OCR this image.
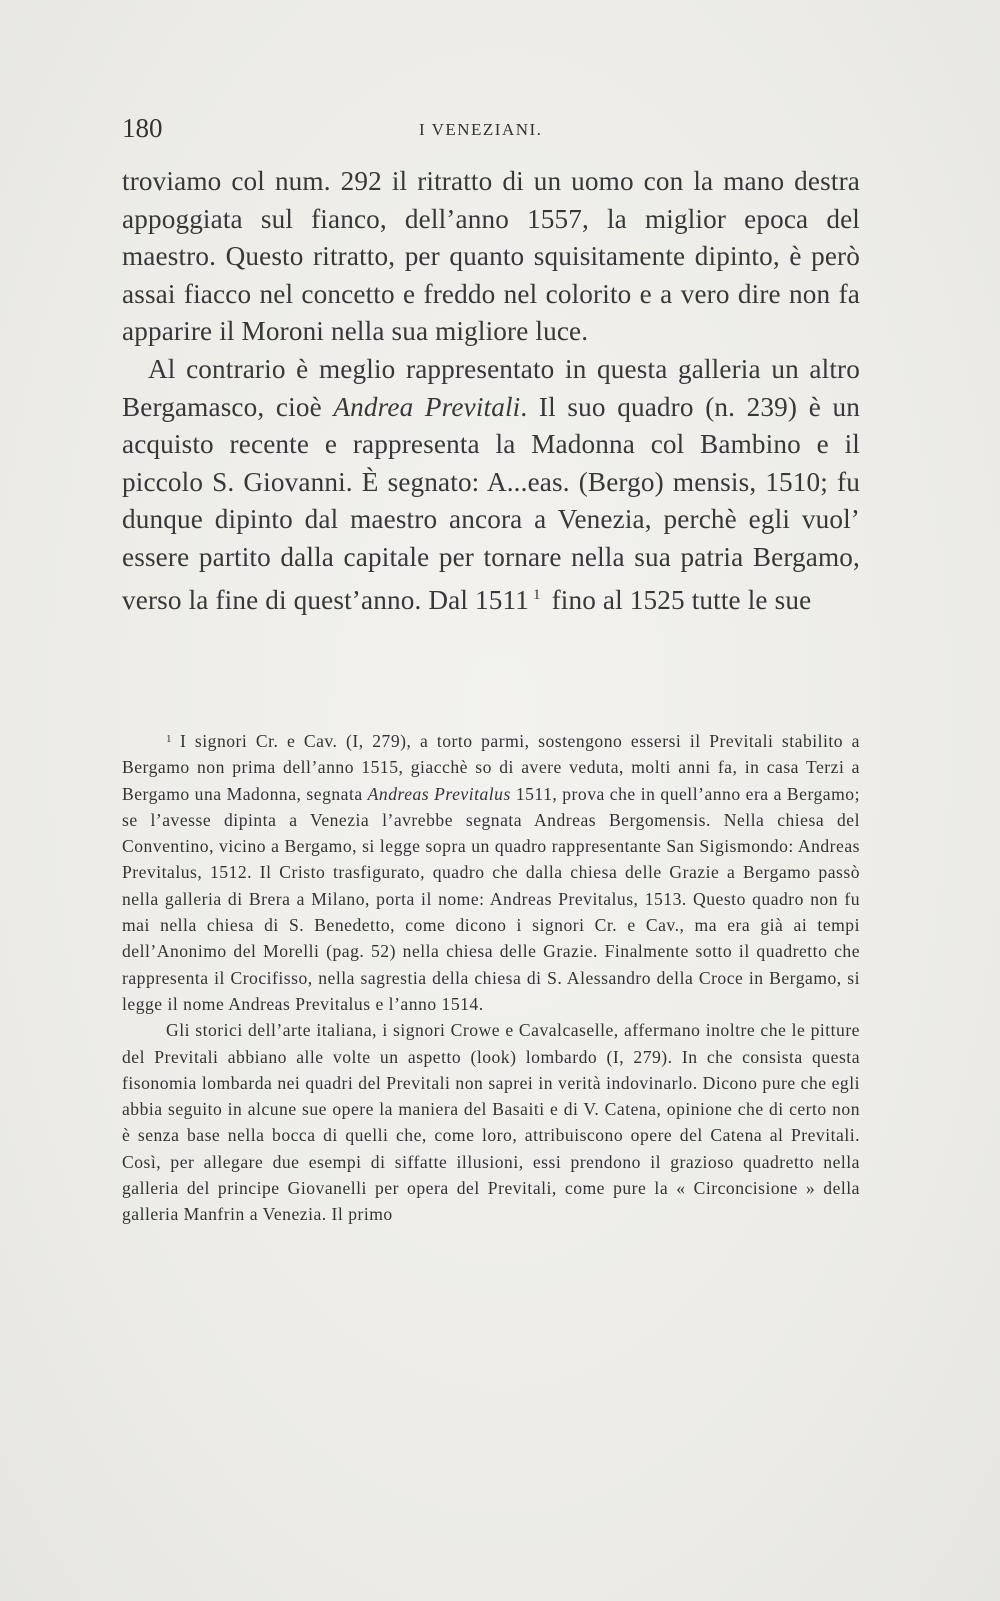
180	I VENEZIANI.

troviamo col num. 292 il ritratto di un uomo con la mano destra appoggiata sul fianco, dell’anno 1557, la miglior epoca del maestro. Questo ritratto, per quanto squisitamente dipinto, è però assai fiacco nel concetto e freddo nel colorito e a vero dire non fa apparire il Moroni nella sua migliore luce.

Al contrario è meglio rappresentato in questa galleria un altro Bergamasco, cioè Andrea Previtali. Il suo quadro (n. 239) è un acquisto recente e rappresenta la Madonna col Bambino e il piccolo S. Giovanni. È segnato: A...eas. (Bergo) mensis, 1510; fu dunque dipinto dal maestro ancora a Venezia, perchè egli vuol’ essere partito dalla capitale per tornare nella sua patria Bergamo, verso la fine di quest’anno. Dal 1511 $^1$ fino al 1525 tutte le sue

$^1$ I signori Cr. e Cav. (I, 279), a torto parmi, sostengono essersi il Previtali stabilito a Bergamo non prima dell’anno 1515, giacchè so di avere veduta, molti anni fa, in casa Terzi a Bergamo una Madonna, segnata Andreas Previtalus 1511, prova che in quell’anno era a Bergamo; se l’avesse dipinta a Venezia l’avrebbe segnata Andreas Bergomensis. Nella chiesa del Conventino, vicino a Bergamo, si legge sopra un quadro rappresentante San Sigismondo: Andreas Previtalus, 1512. Il Cristo trasfigurato, quadro che dalla chiesa delle Grazie a Bergamo passò nella galleria di Brera a Milano, porta il nome: Andreas Previtalus, 1513. Questo quadro non fu mai nella chiesa di S. Benedetto, come dicono i signori Cr. e Cav., ma era già ai tempi dell’Anonimo del Morelli (pag. 52) nella chiesa delle Grazie. Finalmente sotto il quadretto che rappresenta il Crocifisso, nella sagrestia della chiesa di S. Alessandro della Croce in Bergamo, si legge il nome Andreas Previtalus e l’anno 1514.

Gli storici dell’arte italiana, i signori Crowe e Cavalcaselle, affermano inoltre che le pitture del Previtali abbiano alle volte un aspetto (look) lombardo (I, 279). In che consista questa fisonomia lombarda nei quadri del Previtali non saprei in verità indovinarlo. Dicono pure che egli abbia seguito in alcune sue opere la maniera del Basaiti e di V. Catena, opinione che di certo non è senza base nella bocca di quelli che, come loro, attribuiscono opere del Catena al Previtali. Così, per allegare due esempi di siffatte illusioni, essi prendono il grazioso quadretto nella galleria del principe Giovanelli per opera del Previtali, come pure la « Circoncisione » della galleria Manfrin a Venezia. Il primo
